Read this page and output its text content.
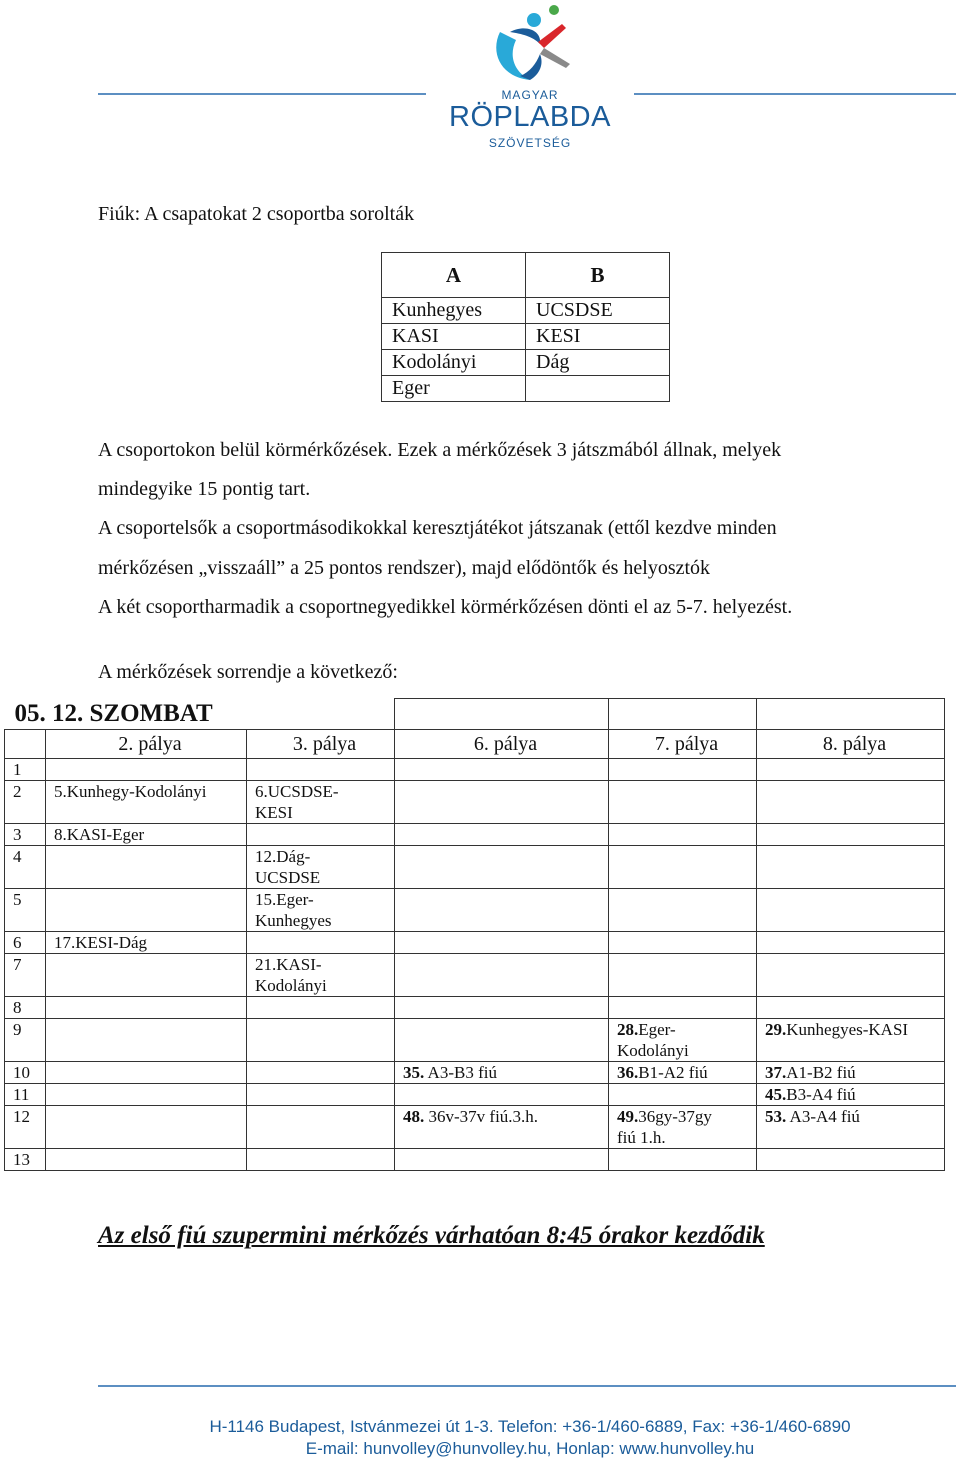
MAGYAR
RÖPLABDA
SZÖVETSÉG
Fiúk: A csapatokat 2 csoportba sorolták
A	B
Kunhegyes	UCSDSE
KASI	KESI
Kodolányi	Dág
Eger	
A csoportokon belül körmérkőzések. Ezek a mérkőzések 3 játszmából állnak, melyek
mindegyike 15 pontig tart.
A csoportelsők a csoportmásodikokkal keresztjátékot játszanak (ettől kezdve minden
mérkőzésen „visszaáll” a 25 pontos rendszer), majd elődöntők és helyosztók
A két csoportharmadik a csoportnegyedikkel körmérkőzésen dönti el az 5-7. helyezést.
A mérkőzések sorrendje a következő:
05. 12. SZOMBAT					
	2. pálya	3. pálya	6. pálya	7. pálya	8. pálya
1					
2	5.Kunhegy-Kodolányi	6.UCSDSE-
KESI			
3	8.KASI-Eger				
4		12.Dág-
UCSDSE			
5		15.Eger-
Kunhegyes			
6	17.KESI-Dág				
7		21.KASI-
Kodolányi			
8					
9				28.Eger-
Kodolányi	29.Kunhegyes-KASI
10			35. A3-B3 fiú	36.B1-A2 fiú	37.A1-B2 fiú
11					45.B3-A4 fiú
12			48. 36v-37v fiú.3.h.	49.36gy-37gy
fiú 1.h.	53. A3-A4 fiú
13					
Az első fiú szupermini mérkőzés várhatóan 8:45 órakor kezdődik
H-1146 Budapest, Istvánmezei út 1-3. Telefon: +36-1/460-6889, Fax: +36-1/460-6890
E-mail: hunvolley@hunvolley.hu, Honlap: www.hunvolley.hu
